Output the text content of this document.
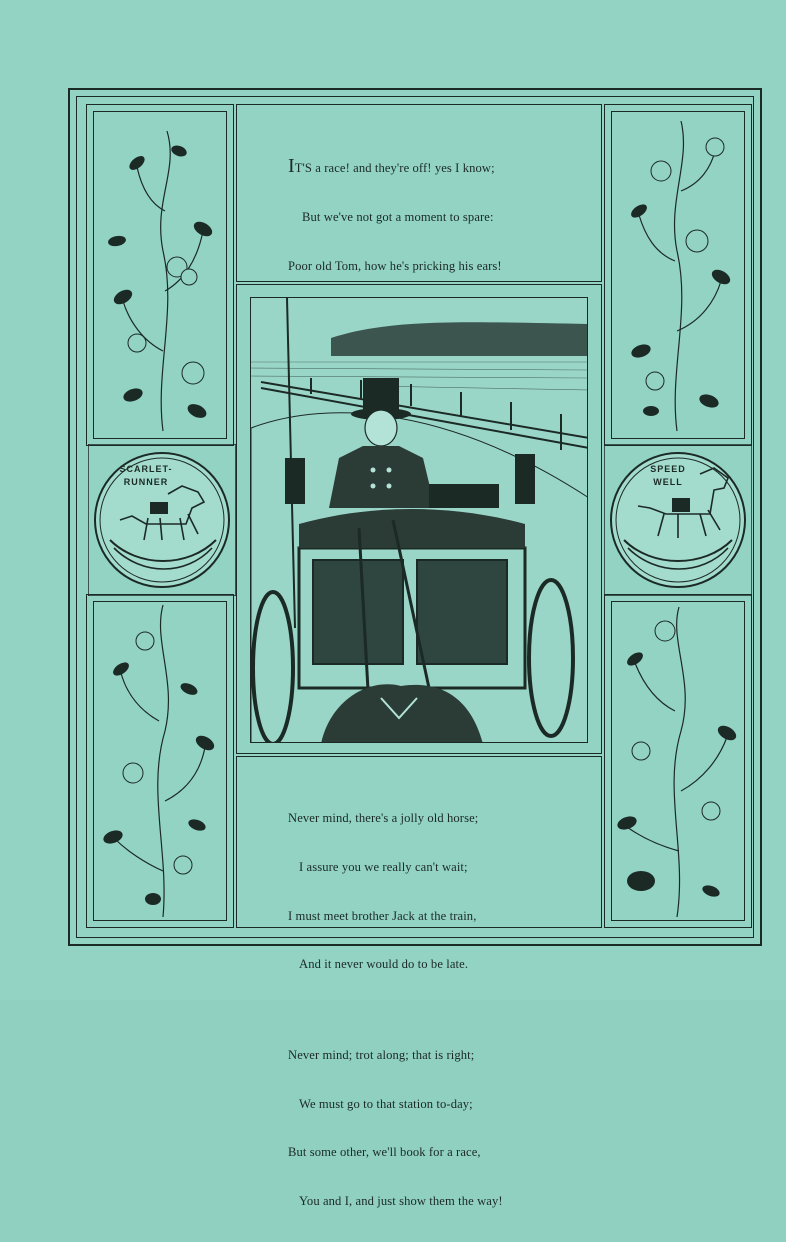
SCARLET-
RUNNER
SPEED
WELL

IT'S a race! and they're off! yes I know;

But we've not got a moment to spare:

Poor old Tom, how he's pricking his ears!

Never mind, there's a jolly old horse;

I assure you we really can't wait;

I must meet brother Jack at the train,

And it never would do to be late.

Never mind; trot along; that is right;

We must go to that station to-day;

But some other, we'll book for a race,

You and I, and just show them the way!
